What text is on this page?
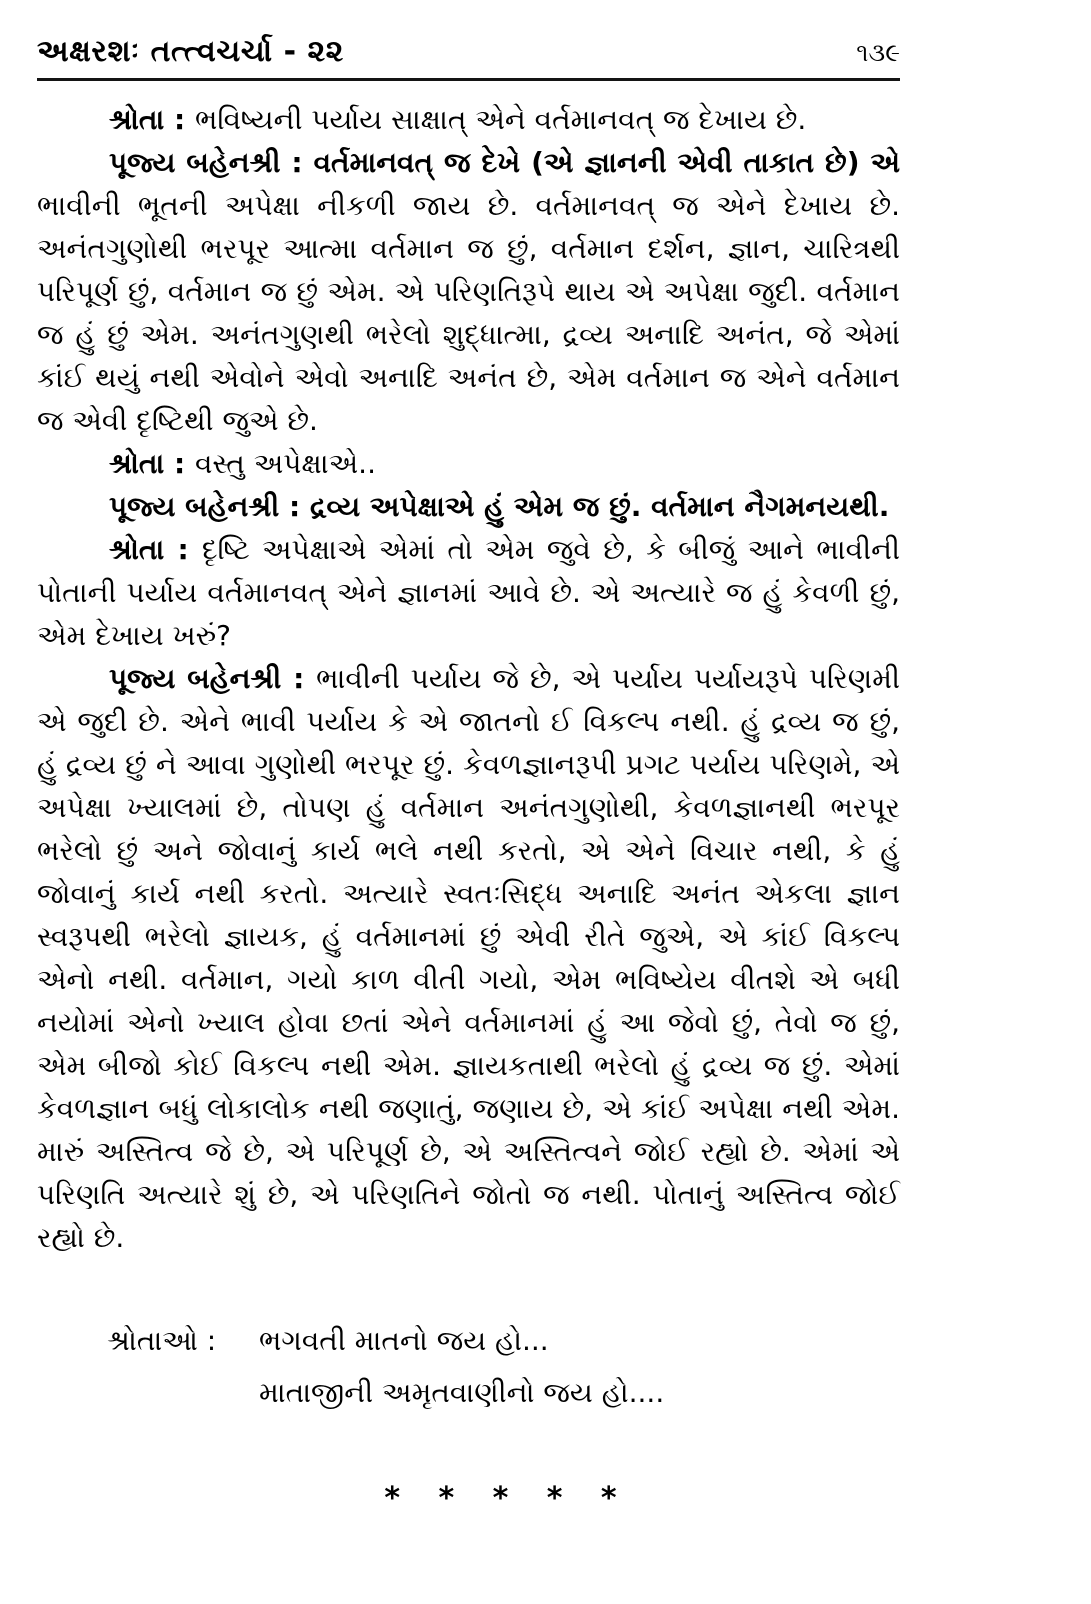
અક્ષરશઃ તત્ત્વચર્ચા - ૨૨	૧૩૯

શ્રોતા : ભવિષ્યની પર્યાય સાક્ષાત્ એને વર્તમાનવત્ જ દેખાય છે.

પૂજ્ય બહેનશ્રી : વર્તમાનવત્ જ દેખે (એ જ્ઞાનની એવી તાકાત છે) એ ભાવીની ભૂતની અપેક્ષા નીકળી જાય છે. વર્તમાનવત્ જ એને દેખાય છે. અનંતગુણોથી ભરપૂર આત્મા વર્તમાન જ છું, વર્તમાન દર્શન, જ્ઞાન, ચારિત્રથી પરિપૂર્ણ છું, વર્તમાન જ છું એમ. એ પરિણતિરૂપે થાય એ અપેક્ષા જુદી. વર્તમાન જ હું છું એમ. અનંતગુણથી ભરેલો શુદ્ધાત્મા, દ્રવ્ય અનાદિ અનંત, જે એમાં કાંઈ થયું નથી એવોને એવો અનાદિ અનંત છે, એમ વર્તમાન જ એને વર્તમાન જ એવી દૃષ્ટિથી જુએ છે.

શ્રોતા : વસ્તુ અપેક્ષાએ..

પૂજ્ય બહેનશ્રી : દ્રવ્ય અપેક્ષાએ હું એમ જ છું. વર્તમાન નૈગમનયથી.

શ્રોતા : દૃષ્ટિ અપેક્ષાએ એમાં તો એમ જુવે છે, કે બીજું આને ભાવીની પોતાની પર્યાય વર્તમાનવત્ એને જ્ઞાનમાં આવે છે. એ અત્યારે જ હું કેવળી છું, એમ દેખાય ખરું?

પૂજ્ય બહેનશ્રી : ભાવીની પર્યાય જે છે, એ પર્યાય પર્યાયરૂપે પરિણમી એ જુદી છે. એને ભાવી પર્યાય કે એ જાતનો ઈ વિકલ્પ નથી. હું દ્રવ્ય જ છું, હું દ્રવ્ય છું ને આવા ગુણોથી ભરપૂર છું. કેવળજ્ઞાનરૂપી પ્રગટ પર્યાય પરિણમે, એ અપેક્ષા ખ્યાલમાં છે, તોપણ હું વર્તમાન અનંતગુણોથી, કેવળજ્ઞાનથી ભરપૂર ભરેલો છું અને જોવાનું કાર્ય ભલે નથી કરતો, એ એને વિચાર નથી, કે હું જોવાનું કાર્ય નથી કરતો. અત્યારે સ્વતઃસિદ્ધ અનાદિ અનંત એકલા જ્ઞાન સ્વરૂપથી ભરેલો જ્ઞાયક, હું વર્તમાનમાં છું એવી રીતે જુએ, એ કાંઈ વિકલ્પ એનો નથી. વર્તમાન, ગયો કાળ વીતી ગયો, એમ ભવિષ્યેય વીતશે એ બધી નયોમાં એનો ખ્યાલ હોવા છતાં એને વર્તમાનમાં હું આ જેવો છું, તેવો જ છું, એમ બીજો કોઈ વિકલ્પ નથી એમ. જ્ઞાયકતાથી ભરેલો હું દ્રવ્ય જ છું. એમાં કેવળજ્ઞાન બધું લોકાલોક નથી જણાતું, જણાય છે, એ કાંઈ અપેક્ષા નથી એમ. મારું અસ્તિત્વ જે છે, એ પરિપૂર્ણ છે, એ અસ્તિત્વને જોઈ રહ્યો છે. એમાં એ પરિણતિ અત્યારે શું છે, એ પરિણતિને જોતો જ નથી. પોતાનું અસ્તિત્વ જોઈ રહ્યો છે.

શ્રોતાઓ :	ભગવતી માતનો જય હો...
માતાજીની અમૃતવાણીનો જય હો....
* * * * *
